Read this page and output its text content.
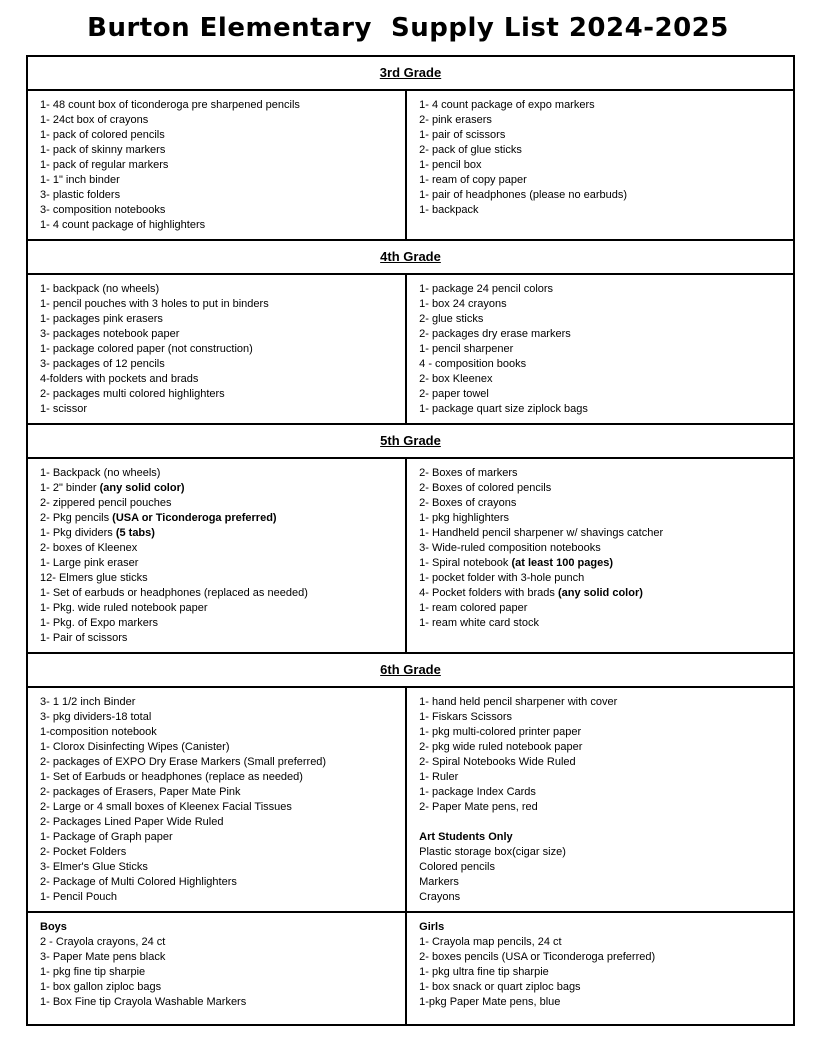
Burton Elementary  Supply List 2024-2025
3rd Grade
1- 48 count box of ticonderoga pre sharpened pencils
1- 24ct box of crayons
1- pack of colored pencils
1- pack of skinny markers
1- pack of regular markers
1- 1" inch binder
3- plastic folders
3- composition notebooks
1- 4 count package of highlighters
1- 4 count package of expo markers
2- pink erasers
1- pair of scissors
2- pack of glue sticks
1- pencil box
1- ream of copy paper
1- pair of headphones (please no earbuds)
1- backpack
4th Grade
1- backpack (no wheels)
1- pencil pouches with 3 holes to put in binders
1- packages pink erasers
3- packages notebook paper
1- package colored paper (not construction)
3- packages of 12 pencils
4-folders with pockets and brads
2- packages multi colored highlighters
1- scissor
1- package 24 pencil colors
1- box 24 crayons
2- glue sticks
2- packages dry erase markers
1- pencil sharpener
4 - composition books
2- box Kleenex
2- paper towel
1- package quart size ziplock bags
5th Grade
1- Backpack (no wheels)
1- 2" binder (any solid color)
2- zippered pencil pouches
2- Pkg pencils (USA or Ticonderoga preferred)
1- Pkg dividers (5 tabs)
2- boxes of Kleenex
1- Large pink eraser
12- Elmers glue sticks
1- Set of earbuds or headphones (replaced as needed)
1- Pkg. wide ruled notebook paper
1- Pkg. of Expo markers
1- Pair of scissors
2- Boxes of markers
2- Boxes of colored pencils
2- Boxes of crayons
1- pkg highlighters
1- Handheld pencil sharpener w/ shavings catcher
3- Wide-ruled composition notebooks
1- Spiral notebook (at least 100 pages)
1- pocket folder with 3-hole punch
4- Pocket folders with brads (any solid color)
1- ream colored paper
1- ream white card stock
6th Grade
3- 1 1/2 inch Binder
3- pkg dividers-18 total
1-composition notebook
1- Clorox Disinfecting Wipes (Canister)
2- packages of EXPO Dry Erase Markers (Small preferred)
1- Set of Earbuds or headphones (replace as needed)
2- packages of Erasers, Paper Mate Pink
2- Large or 4 small boxes of Kleenex Facial Tissues
2- Packages Lined Paper Wide Ruled
1- Package of Graph paper
2- Pocket Folders
3- Elmer's Glue Sticks
2- Package of Multi Colored Highlighters
1- Pencil Pouch
1- hand held pencil sharpener with cover
1- Fiskars Scissors
1- pkg multi-colored printer paper
2- pkg wide ruled notebook paper
2- Spiral Notebooks Wide Ruled
1- Ruler
1- package Index Cards
2- Paper Mate pens, red

Art Students Only
Plastic storage box(cigar size)
Colored pencils
Markers
Crayons
Boys
2 - Crayola crayons, 24 ct
3- Paper Mate pens black
1- pkg fine tip sharpie
1- box gallon ziploc bags
1- Box Fine tip Crayola Washable Markers
Girls
1- Crayola map pencils, 24 ct
2- boxes pencils (USA or Ticonderoga preferred)
1- pkg ultra fine tip sharpie
1- box snack or quart ziploc bags
1-pkg Paper Mate pens, blue
